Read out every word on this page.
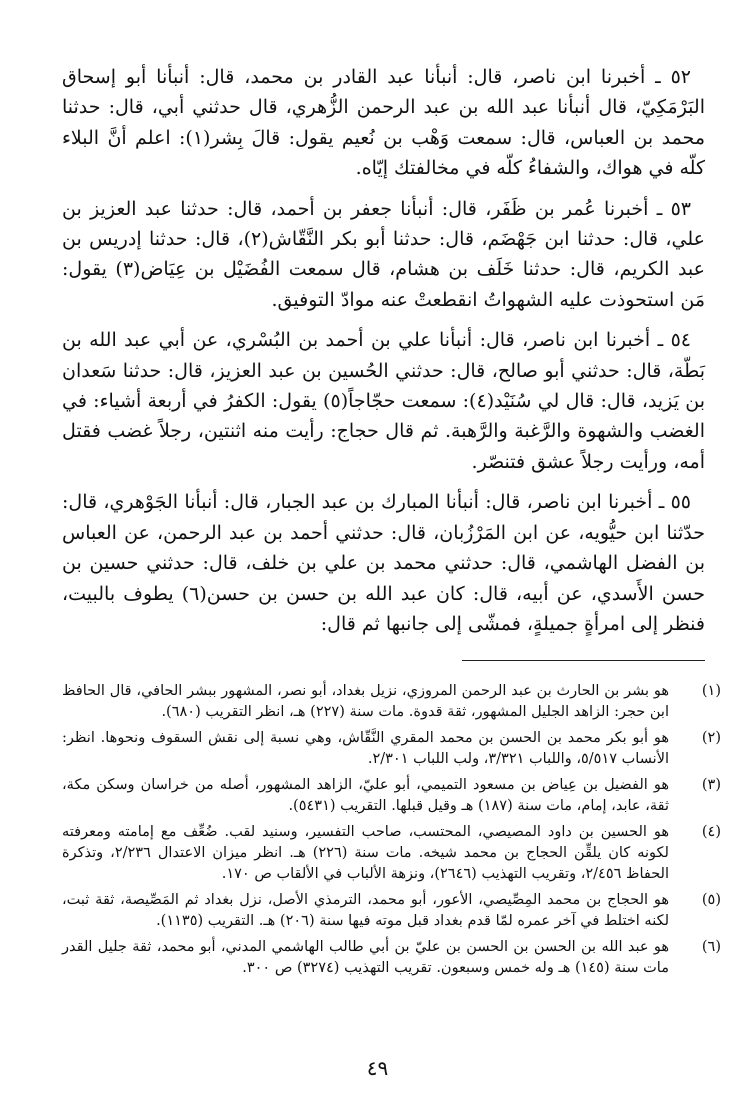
٥٢ ـ أخبرنا ابن ناصر، قال: أنبأنا عبد القادر بن محمد، قال: أنبأنا أبو إسحاق البَرْمَكِيّ، قال أنبأنا عبد الله بن عبد الرحمن الزُّهري، قال حدثني أبي، قال: حدثنا محمد بن العباس، قال: سمعت وَهْب بن نُعيم يقول: قالَ بِشر(١): اعلم أنَّ البلاء كلّه في هواك، والشفاءُ كلّه في مخالفتك إيّاه.

٥٣ ـ أخبرنا عُمر بن ظَفَر، قال: أنبأنا جعفر بن أحمد، قال: حدثنا عبد العزيز بن علي، قال: حدثنا ابن جَهْضَم، قال: حدثنا أبو بكر النَّقّاش(٢)، قال: حدثنا إدريس بن عبد الكريم، قال: حدثنا خَلَف بن هشام، قال سمعت الفُضَيْل بن عِيَاض(٣) يقول: مَن استحوذت عليه الشهواتُ انقطعتْ عنه موادّ التوفيق.

٥٤ ـ أخبرنا ابن ناصر، قال: أنبأنا علي بن أحمد بن البُسْري، عن أبي عبد الله بن بَطّة، قال: حدثني أبو صالح، قال: حدثني الحُسين بن عبد العزيز، قال: حدثنا سَعدان بن يَزيد، قال: قال لي سُنَيْد(٤): سمعت حجّاجاً(٥) يقول: الكفرُ في أربعة أشياء: في الغضب والشهوة والرَّغبة والرَّهبة. ثم قال حجاج: رأيت منه اثنتين، رجلاً غضب فقتل أمه، ورأيت رجلاً عشق فتنصّر.

٥٥ ـ أخبرنا ابن ناصر، قال: أنبأنا المبارك بن عبد الجبار، قال: أنبأنا الجَوْهري، قال: حدّثنا ابن حيُّويه، عن ابن المَرْزُبان، قال: حدثني أحمد بن عبد الرحمن، عن العباس بن الفضل الهاشمي، قال: حدثني محمد بن علي بن خلف، قال: حدثني حسين بن حسن الأَسدي، عن أبيه، قال: كان عبد الله بن حسن بن حسن(٦) يطوف بالبيت، فنظر إلى امرأةٍ جميلةٍ، فمشّى إلى جانبها ثم قال:

(١)
هو بشر بن الحارث بن عبد الرحمن المروزي، نزيل بغداد، أبو نصر، المشهور ببشر الحافي، قال الحافظ ابن حجر: الزاهد الجليل المشهور، ثقة قدوة. مات سنة (٢٢٧) هـ، انظر التقريب (٦٨٠).
(٢)
هو أبو بكر محمد بن الحسن بن محمد المقري النَّقّاش، وهي نسبة إلى نقش السقوف ونحوها. انظر: الأنساب ٥/٥١٧، واللباب ٣/٣٢١، ولب اللباب ٢/٣٠١.
(٣)
هو الفضيل بن عِياض بن مسعود التميمي، أبو عليّ، الزاهد المشهور، أصله من خراسان وسكن مكة، ثقة، عابد، إمام، مات سنة (١٨٧) هـ وقيل قبلها. التقريب (٥٤٣١).
(٤)
هو الحسين بن داود المصيصي، المحتسب، صاحب التفسير، وسنيد لقب. ضُعِّف مع إمامته ومعرفته لكونه كان يلقِّن الحجاج بن محمد شيخه. مات سنة (٢٢٦) هـ. انظر ميزان الاعتدال ٢/٢٣٦، وتذكرة الحفاظ ٢/٤٥٦، وتقريب التهذيب (٢٦٤٦)، ونزهة الألباب في الألقاب ص ١٧٠.
(٥)
هو الحجاج بن محمد المِصِّيصي، الأعور، أبو محمد، الترمذي الأصل، نزل بغداد ثم المَصِّيصة، ثقة ثبت، لكنه اختلط في آخر عمره لمّا قدم بغداد قبل موته فيها سنة (٢٠٦) هـ. التقريب (١١٣٥).
(٦)
هو عبد الله بن الحسن بن الحسن بن عليّ بن أبي طالب الهاشمي المدني، أبو محمد، ثقة جليل القدر مات سنة (١٤٥) هـ وله خمس وسبعون. تقريب التهذيب (٣٢٧٤) ص ٣٠٠.
٤٩
